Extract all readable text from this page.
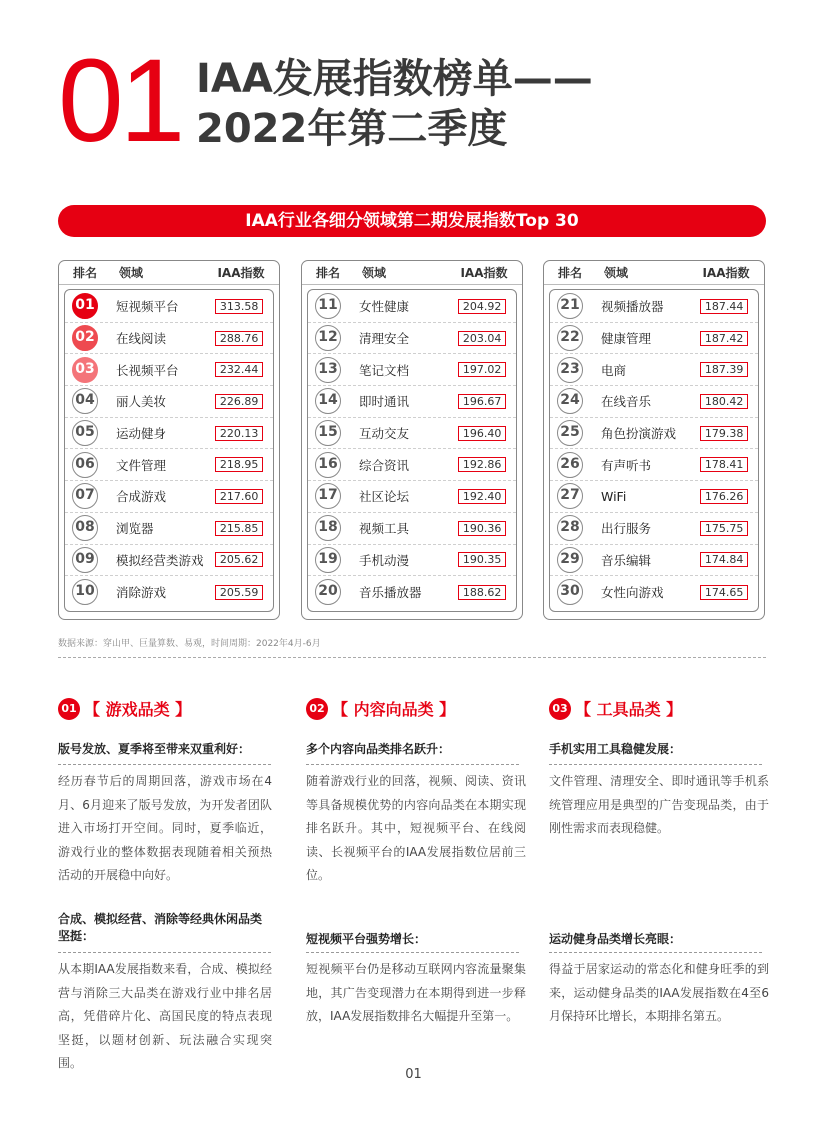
01 IAA发展指数榜单——
2022年第二季度
IAA行业各细分领域第二期发展指数Top 30
排名	领域	IAA指数
01 短视频平台	313.58
02 在线阅读	288.76
03 长视频平台	232.44
04 丽人美妆	226.89
05 运动健身	220.13
06 文件管理	218.95
07 合成游戏	217.60
08 浏览器	215.85
09 模拟经营类游戏	205.62
10 消除游戏	205.59
排名	领域	IAA指数
11 女性健康	204.92
12 清理安全	203.04
13 笔记文档	197.02
14 即时通讯	196.67
15 互动交友	196.40
16 综合资讯	192.86
17 社区论坛	192.40
18 视频工具	190.36
19 手机动漫	190.35
20 音乐播放器	188.62
排名	领域	IAA指数
21 视频播放器	187.44
22 健康管理	187.42
23 电商	187.39
24 在线音乐	180.42
25 角色扮演游戏	179.38
26 有声听书	178.41
27 WiFi	176.26
28 出行服务	175.75
29 音乐编辑	174.84
30 女性向游戏	174.65
数据来源：穿山甲、巨量算数、易观，时间周期：2022年4月-6月
01 【 游戏品类 】
版号发放、夏季将至带来双重利好：
经历春节后的周期回落，游戏市场在4月、6月迎来了版号发放，为开发者团队进入市场打开空间。同时，夏季临近，游戏行业的整体数据表现随着相关预热活动的开展稳中向好。
合成、模拟经营、消除等经典休闲品类坚挺：
从本期IAA发展指数来看，合成、模拟经营与消除三大品类在游戏行业中排名居高，凭借碎片化、高国民度的特点表现坚挺，以题材创新、玩法融合实现突围。
02 【 内容向品类 】
多个内容向品类排名跃升：
随着游戏行业的回落，视频、阅读、资讯等具备规模优势的内容向品类在本期实现排名跃升。其中，短视频平台、在线阅读、长视频平台的IAA发展指数位居前三位。
短视频平台强势增长：
短视频平台仍是移动互联网内容流量聚集地，其广告变现潜力在本期得到进一步释放，IAA发展指数排名大幅提升至第一。
03 【 工具品类 】
手机实用工具稳健发展：
文件管理、清理安全、即时通讯等手机系统管理应用是典型的广告变现品类，由于刚性需求而表现稳健。
运动健身品类增长亮眼：
得益于居家运动的常态化和健身旺季的到来，运动健身品类的IAA发展指数在4至6月保持环比增长，本期排名第五。
01
